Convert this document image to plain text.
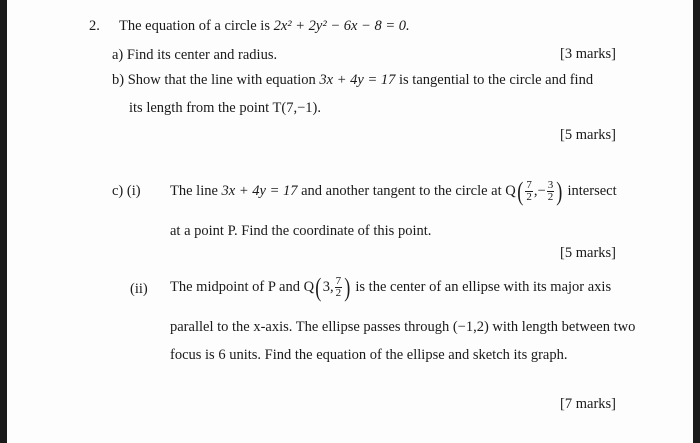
2. The equation of a circle is 2x² + 2y² − 6x − 8 = 0.
a) Find its center and radius.	[3 marks]
b) Show that the line with equation 3x + 4y = 17 is tangential to the circle and find
its length from the point T(7,−1).
[5 marks]
c) (i) The line 3x + 4y = 17 and another tangent to the circle at $Q( \frac{7}{2}$ ,− $\frac{3}{2}$ ) intersect
at a point P. Find the coordinate of this point.
[5 marks]
(ii) The midpoint of P and Q(3, $\frac{7}{2}$ ) is the center of an ellipse with its major axis
parallel to the x-axis. The ellipse passes through (−1,2) with length between two
focus is 6 units. Find the equation of the ellipse and sketch its graph.
[7 marks]
